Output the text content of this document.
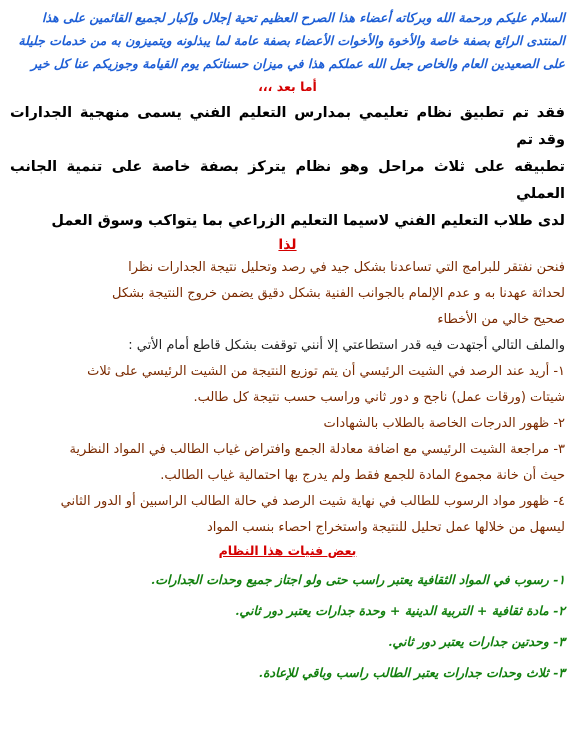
السلام عليكم ورحمة الله وبركاته أعضاء هذا الصرح العظيم تحية إجلال وإكبار لجميع القائمين على هذا

المنتدى الرائع بصفة خاصة والأخوة والأخوات الأعضاء بصفة عامة لما يبذلونه ويتميزون به من خدمات جليلة

على الصعيدين العام والخاص جعل الله عملكم هذا في ميزان حسناتكم يوم القيامة وجوزيكم عنا كل خير

أما بعد ،،،

فقد تم تطبيق نظام تعليمي بمدارس التعليم الفني يسمى منهجية الجدارات وقد تم

تطبيقه على ثلاث مراحل وهو نظام يتركز بصفة خاصة على تنمية الجانب العملي

لدى طلاب التعليم الفني لاسيما التعليم الزراعي بما يتواكب وسوق العمل

لذا

فنحن نفتقر للبرامج التي تساعدنا بشكل جيد في رصد وتحليل نتيجة الجدارات نظرا

لحداثة عهدنا به و عدم الإلمام بالجوانب الفنية بشكل دقيق يضمن خروج النتيجة بشكل

صحيح خالي من الأخطاء

والملف التالي أجتهدت فيه قدر استطاعتي إلا أنني توقفت بشكل قاطع أمام الأتي :

١- أريد عند الرصد في الشيت الرئيسي أن يتم توزيع النتيجة من الشيت الرئيسي على ثلاث

شيتات (ورقات عمل) ناجح و دور ثاني وراسب حسب نتيجة كل طالب.

٢- ظهور الدرجات الخاصة بالطلاب بالشهادات

٣- مراجعة الشيت الرئيسي مع اضافة معادلة الجمع وافتراض غياب الطالب في المواد النظرية

حيث أن خانة مجموع المادة للجمع فقط ولم يدرج بها احتمالية غياب الطالب.

٤- ظهور مواد الرسوب للطالب في نهاية شيت الرصد في حالة الطالب الراسبين أو الدور الثاني

ليسهل من خلالها عمل تحليل للنتيجة واستخراج احصاء بنسب المواد

بعض فنيات هذا النظام

١- رسوب في المواد الثقافية يعتبر راسب حتى ولو اجتاز جميع وحدات الجدارات.

٢- مادة ثقافية + التربية الدينية + وحدة جدارات يعتبر دور ثاني.

٣- وحدتين جدارات يعتبر دور ثاني.

٣- ثلاث وحدات جدارات يعتبر الطالب راسب وباقي للإعادة.
